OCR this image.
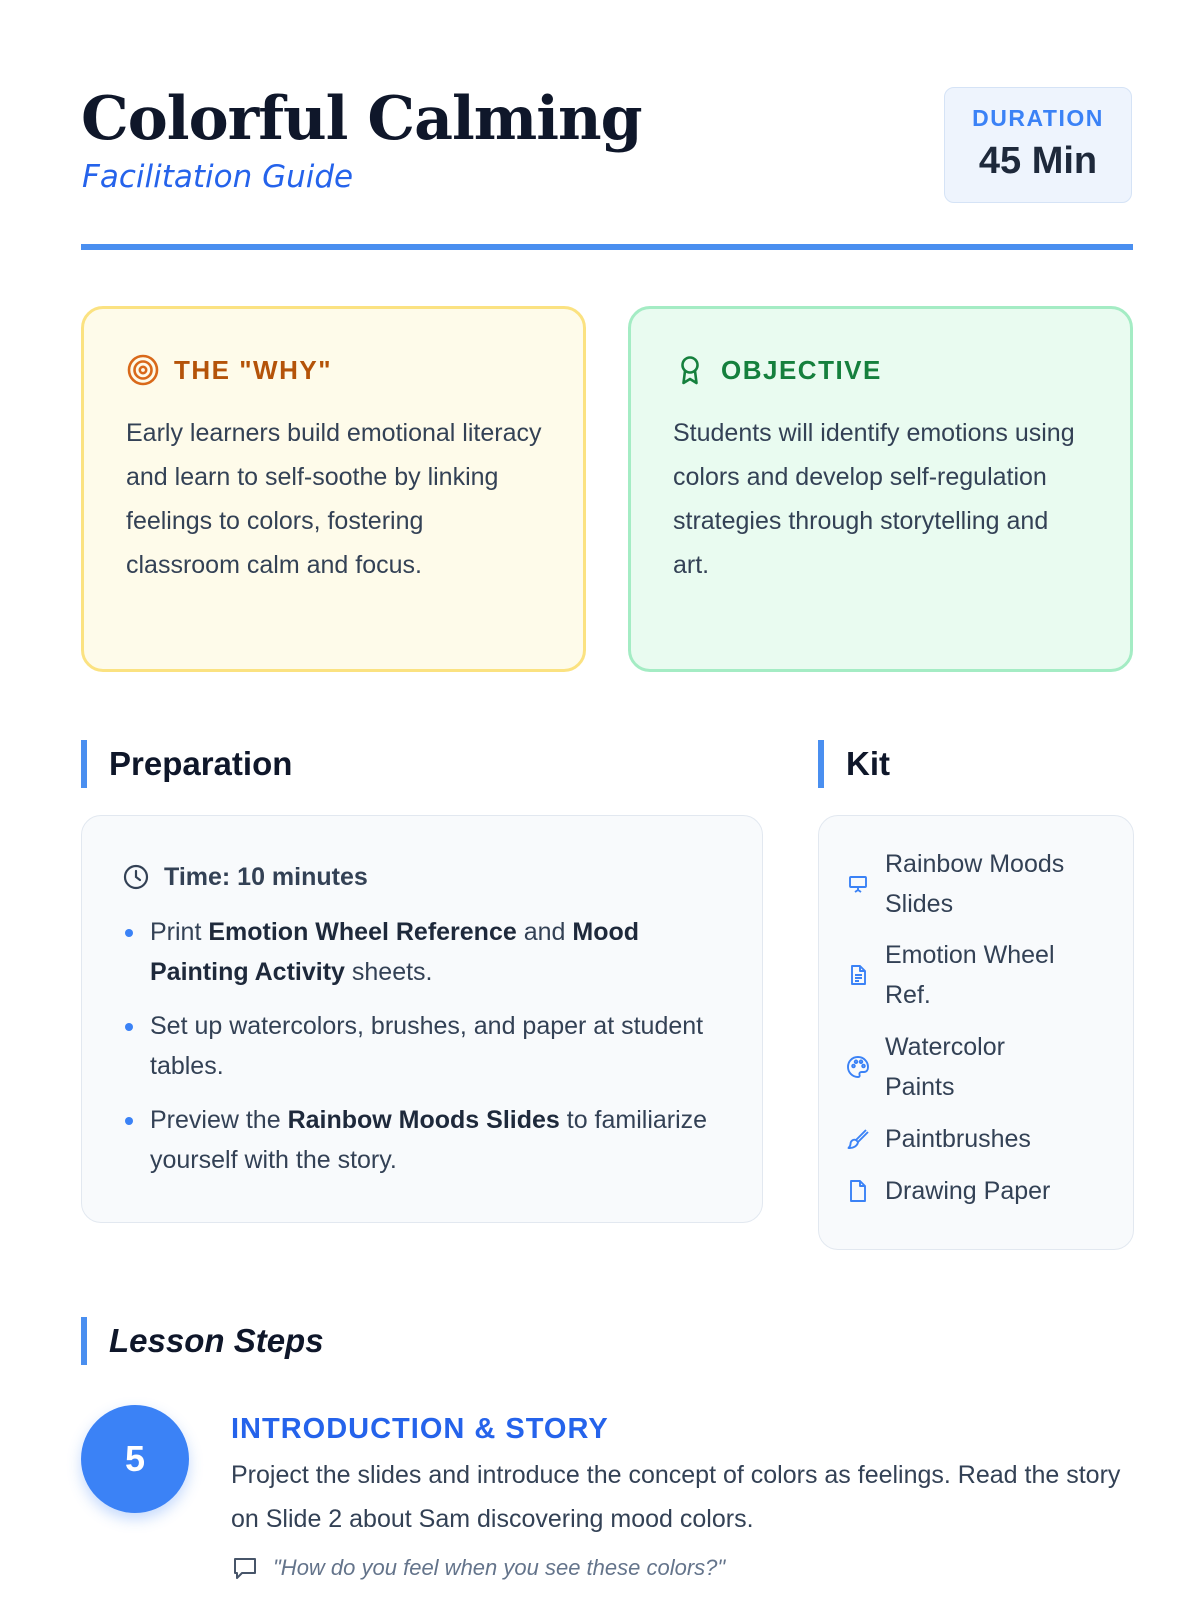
Colorful Calming
Facilitation Guide
DURATION
45 Min
THE "WHY"

Early learners build emotional literacy and learn to self-soothe by linking feelings to colors, fostering classroom calm and focus.

OBJECTIVE

Students will identify emotions using colors and develop self-regulation strategies through storytelling and art.

Preparation	Kit
Time: 10 minutes
Print Emotion Wheel Reference and Mood Painting Activity sheets.
Set up watercolors, brushes, and paper at student tables.
Preview the Rainbow Moods Slides to familiarize yourself with the story.
Rainbow Moods Slides
Emotion Wheel Ref.
Watercolor Paints
Paintbrushes
Drawing Paper
Lesson Steps
5
INTRODUCTION & STORY

Project the slides and introduce the concept of colors as feelings. Read the story on Slide 2 about Sam discovering mood colors.

"How do you feel when you see these colors?"
